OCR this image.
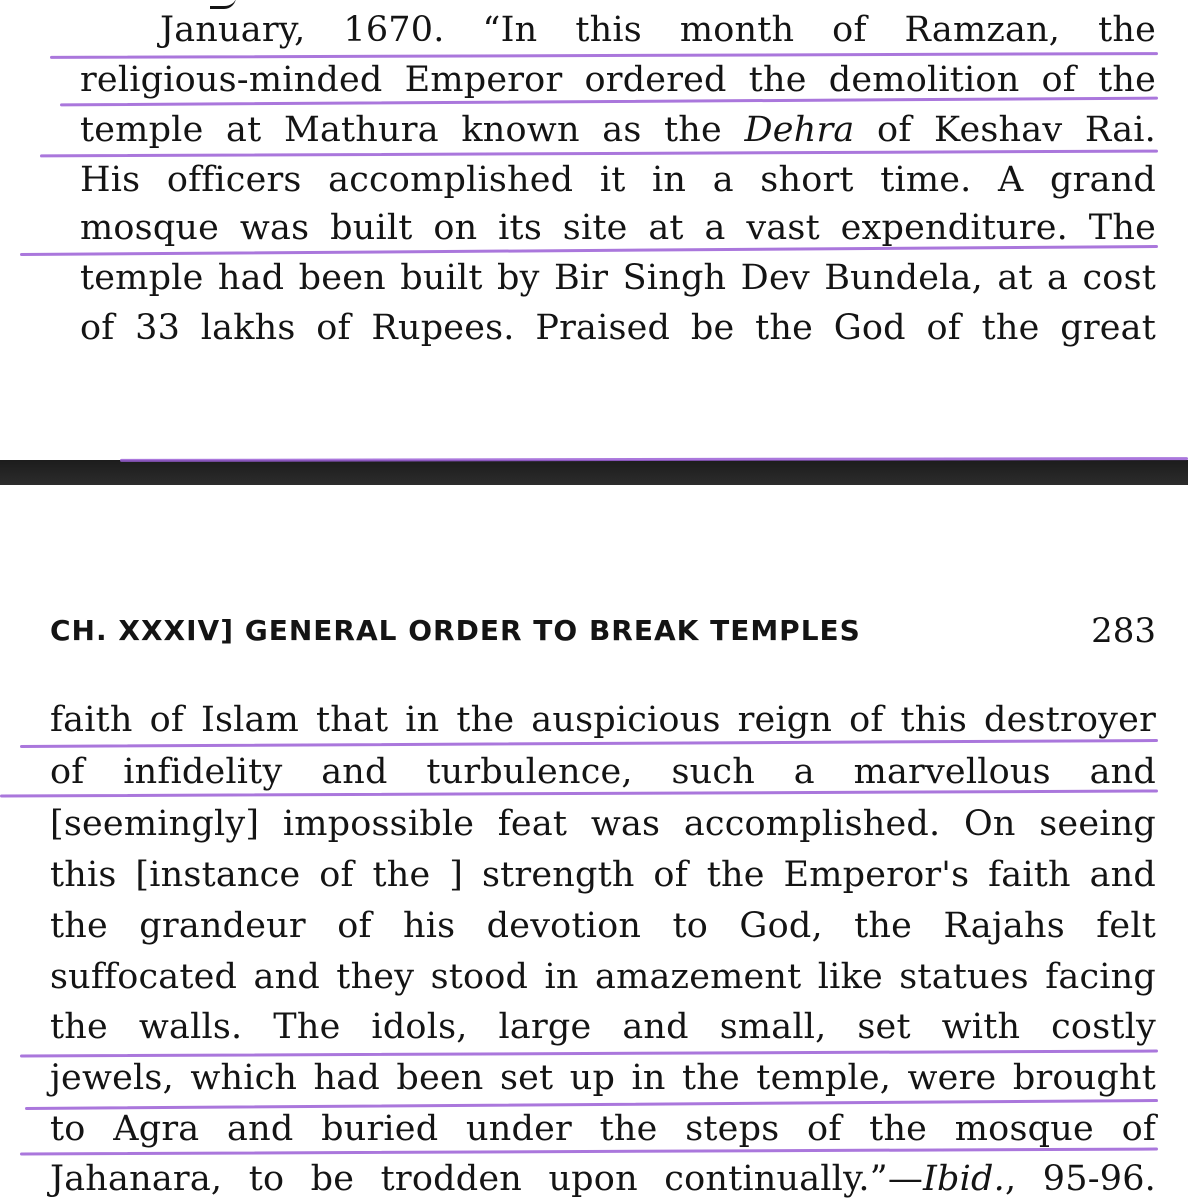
January, 1670. “In this month of Ramzan, the
religious-minded Emperor ordered the demolition of the
temple at Mathura known as the Dehra of Keshav Rai.
His officers accomplished it in a short time. A grand
mosque was built on its site at a vast expenditure. The
temple had been built by Bir Singh Dev Bundela, at a cost
of 33 lakhs of Rupees. Praised be the God of the great
CH. XXXIV] GENERAL ORDER TO BREAK TEMPLES	283
faith of Islam that in the auspicious reign of this destroyer
of infidelity and turbulence, such a marvellous and
[seemingly] impossible feat was accomplished. On seeing
this [instance of the ] strength of the Emperor's faith and
the grandeur of his devotion to God, the Rajahs felt
suffocated and they stood in amazement like statues facing
the walls. The idols, large and small, set with costly
jewels, which had been set up in the temple, were brought
to Agra and buried under the steps of the mosque of
Jahanara, to be trodden upon continually.”—Ibid., 95-96.
